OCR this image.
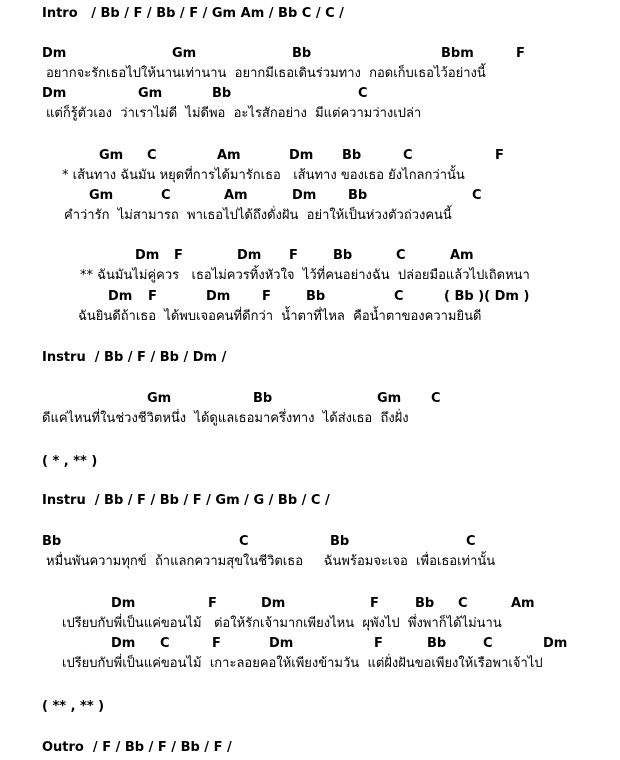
Intro   / Bb / F / Bb / F / Gm Am / Bb C / C /
Dm	Gm	Bb	Bbm	F
อยากจะรักเธอไปให้นานเท่านาน  อยากมีเธอเดินร่วมทาง  กอดเก็บเธอไว้อย่างนี้
Dm	Gm	Bb	C
แต่ก็รู้ตัวเอง  ว่าเราไม่ดี  ไม่ดีพอ  อะไรสักอย่าง  มีแต่ความว่างเปล่า
Gm C	Am	Dm Bb	C	F
* เส้นทาง ฉันมัน หยุดที่การได้มารักเธอ   เส้นทาง ของเธอ ยังไกลกว่านั้น
Gm	C	Am	Dm Bb	C
คำว่ารัก  ไม่สามารถ  พาเธอไปได้ถึงดั่งฝัน  อย่าให้เป็นห่วงตัวถ่วงคนนี้
Dm F	Dm F	Bb	C	Am
** ฉันมันไม่คู่ควร   เธอไม่ควรทิ้งหัวใจ  ไว้ที่คนอย่างฉัน  ปล่อยมือแล้วไปเถิดหนา
Dm F	Dm F	Bb	C	( Bb )( Dm )
ฉันยินดีถ้าเธอ  ได้พบเจอคนที่ดีกว่า  น้ำตาที่ไหล  คือน้ำตาของความยินดี
Instru  / Bb / F / Bb / Dm /
Gm	Bb	Gm C
ดีแค่ไหนที่ในช่วงชีวิตหนึ่ง  ได้ดูแลเธอมาครึ่งทาง  ได้ส่งเธอ  ถึงฝั่ง
( * , ** )
Instru  / Bb / F / Bb / F / Gm / G / Bb / C /
Bb	C	Bb	C
หมื่นพันความทุกข์  ถ้าแลกความสุขในชีวิตเธอ     ฉันพร้อมจะเจอ  เพื่อเธอเท่านั้น
Dm	F	Dm	F	Bb C	Am
เปรียบกับพี่เป็นแค่ขอนไม้   ต่อให้รักเจ้ามากเพียงไหน  ผุพังไป  พึ่งพาก็ได้ไม่นาน
Dm C	F	Dm	F	Bb	C	Dm
เปรียบกับพี่เป็นแค่ขอนไม้  เกาะลอยคอให้เพียงข้ามวัน  แต่ฝั่งฝันขอเพียงให้เรือพาเจ้าไป
( ** , ** )
Outro  / F / Bb / F / Bb / F /
